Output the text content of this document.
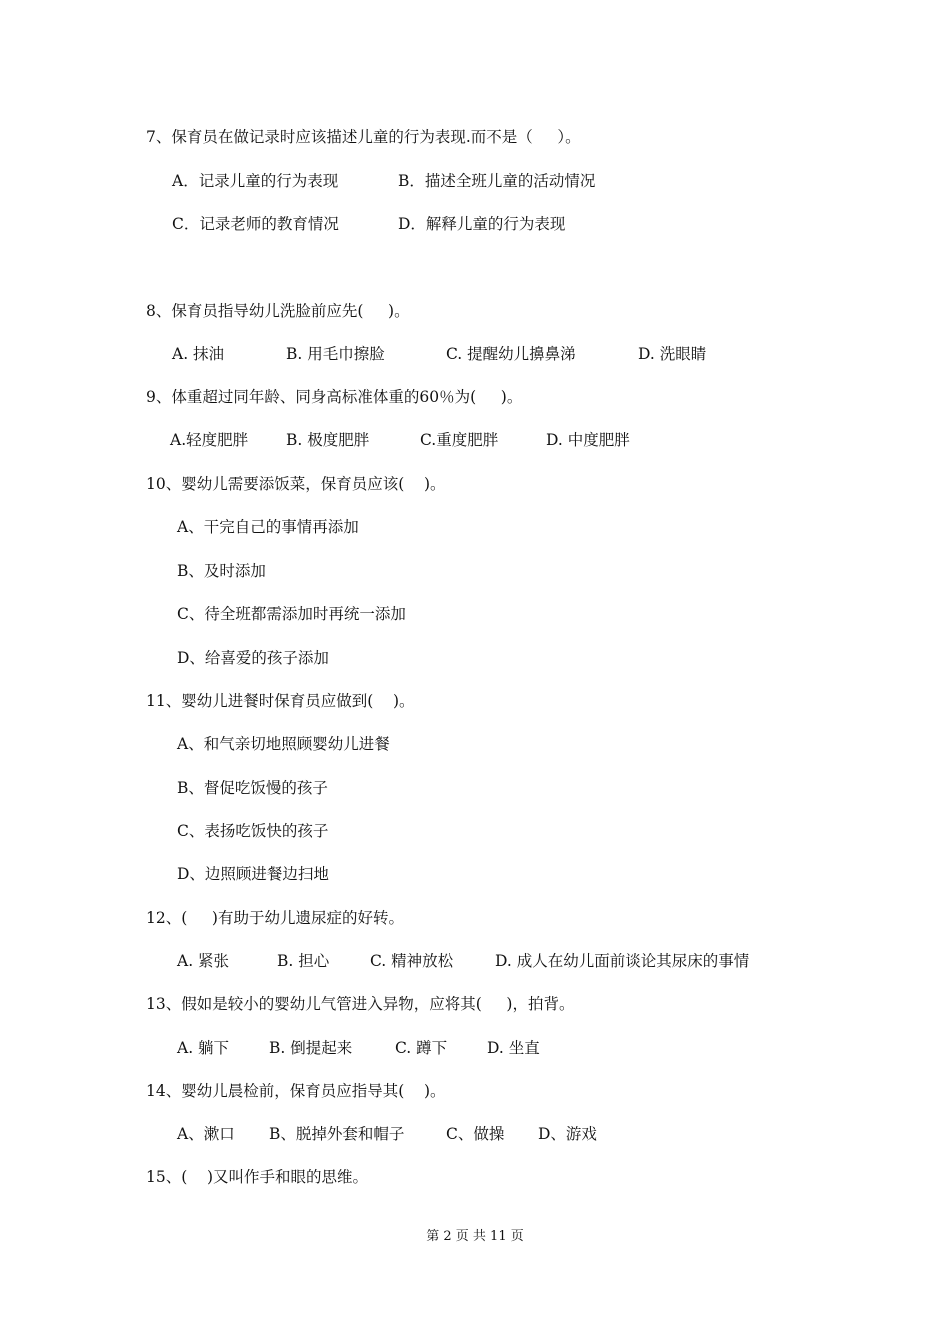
7、保育员在做记录时应该描述儿童的行为表现.而不是（     ）。
A．记录儿童的行为表现	B．描述全班儿童的活动情况
C．记录老师的教育情况	D．解释儿童的行为表现
8、保育员指导幼儿洗脸前应先(     )。
A. 抹油	B. 用毛巾擦脸	C. 提醒幼儿擤鼻涕	D. 洗眼睛
9、体重超过同年龄、同身高标准体重的60％为(     )。
A.轻度肥胖 B. 极度肥胖	C.重度肥胖	D. 中度肥胖
10、婴幼儿需要添饭菜，保育员应该(    )。
A、干完自己的事情再添加
B、及时添加
C、待全班都需添加时再统一添加
D、给喜爱的孩子添加
11、婴幼儿进餐时保育员应做到(    )。
A、和气亲切地照顾婴幼儿进餐
B、督促吃饭慢的孩子
C、表扬吃饭快的孩子
D、边照顾进餐边扫地
12、(     )有助于幼儿遗尿症的好转。
A. 紧张	B. 担心	C. 精神放松	D. 成人在幼儿面前谈论其尿床的事情
13、假如是较小的婴幼儿气管进入异物，应将其(     )，拍背。
A. 躺下	B. 倒提起来	C. 蹲下	D. 坐直
14、婴幼儿晨检前，保育员应指导其(    )。
A、漱口 B、脱掉外套和帽子	C、做操 D、游戏
15、(    )又叫作手和眼的思维。
第 2 页 共 11 页
